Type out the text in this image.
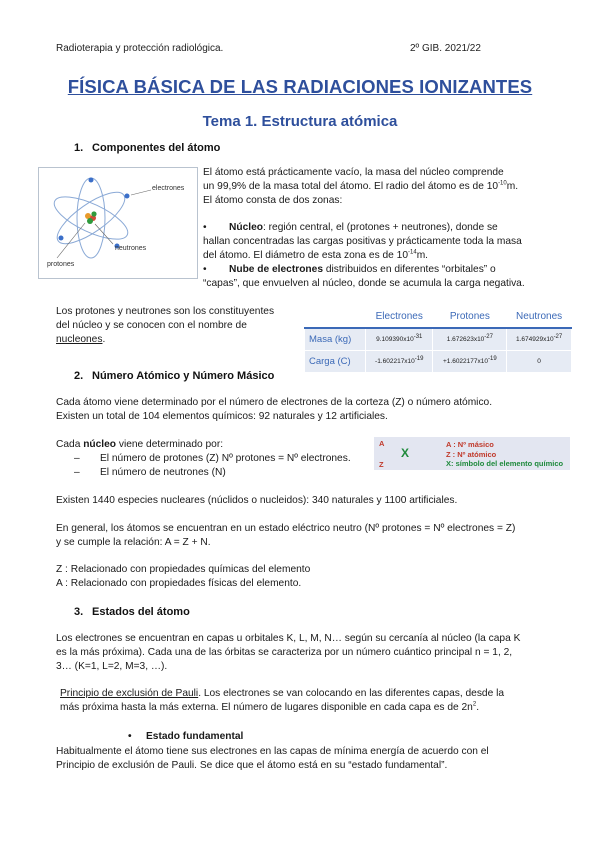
Radioterapia y protección radiológica.	2º GIB. 2021/22
FÍSICA BÁSICA DE LAS RADIACIONES IONIZANTES
Tema 1. Estructura atómica
1. Componentes del átomo
electrones
neutrones
protones
El átomo está prácticamente vacío, la masa del núcleo comprende
un 99,9% de la masa total del átomo. El radio del átomo es de $10^{-10}m$.
El átomo consta de dos zonas:
• Núcleo: región central, el (protones + neutrones), donde se
hallan concentradas las cargas positivas y prácticamente toda la masa
del átomo. El diámetro de esta zona es de $10^{-14}m$.
• Nube de electrones distribuidos en diferentes “orbitales” o
“capas”, que envuelven al núcleo, donde se acumula la carga negativa.
Los protones y neutrones son los constituyentes
del núcleo y se conocen con el nombre de
nucleones.
	Electrones	Protones	Neutrones
Masa (kg)	$9.109390x10^{-31}$	$1.672623x10^{-27}$	$1.674929x10^{-27}$
Carga (C)	$-1.602217x10^{-19}$	$+1.6022177x10^{-19}$	0
2. Número Atómico y Número Másico
Cada átomo viene determinado por el número de electrones de la corteza (Z) o número atómico.
Existen un total de 104 elementos químicos: 92 naturales y 12 artificiales.
Cada núcleo viene determinado por:
– El número de protones (Z) Nº protones = Nº electrones.
– El número de neutrones (N)
A
X
Z
A : Nº másico
Z : Nº atómico
X: símbolo del elemento químico
Existen 1440 especies nucleares (núclidos o nucleidos): 340 naturales y 1100 artificiales.
En general, los átomos se encuentran en un estado eléctrico neutro (Nº protones = Nº electrones = Z)
y se cumple la relación: A = Z + N.
Z : Relacionado con propiedades químicas del elemento
A : Relacionado con propiedades físicas del elemento.
3. Estados del átomo
Los electrones se encuentran en capas u orbitales K, L, M, N… según su cercanía al núcleo (la capa K
es la más próxima). Cada una de las órbitas se caracteriza por un número cuántico principal n = 1, 2,
3… (K=1, L=2, M=3, …).
Principio de exclusión de Pauli. Los electrones se van colocando en las diferentes capas, desde la
más próxima hasta la más externa. El número de lugares disponible en cada capa es de $2n^2$.
• Estado fundamental
Habitualmente el átomo tiene sus electrones en las capas de mínima energía de acuerdo con el
Principio de exclusión de Pauli. Se dice que el átomo está en su “estado fundamental”.
